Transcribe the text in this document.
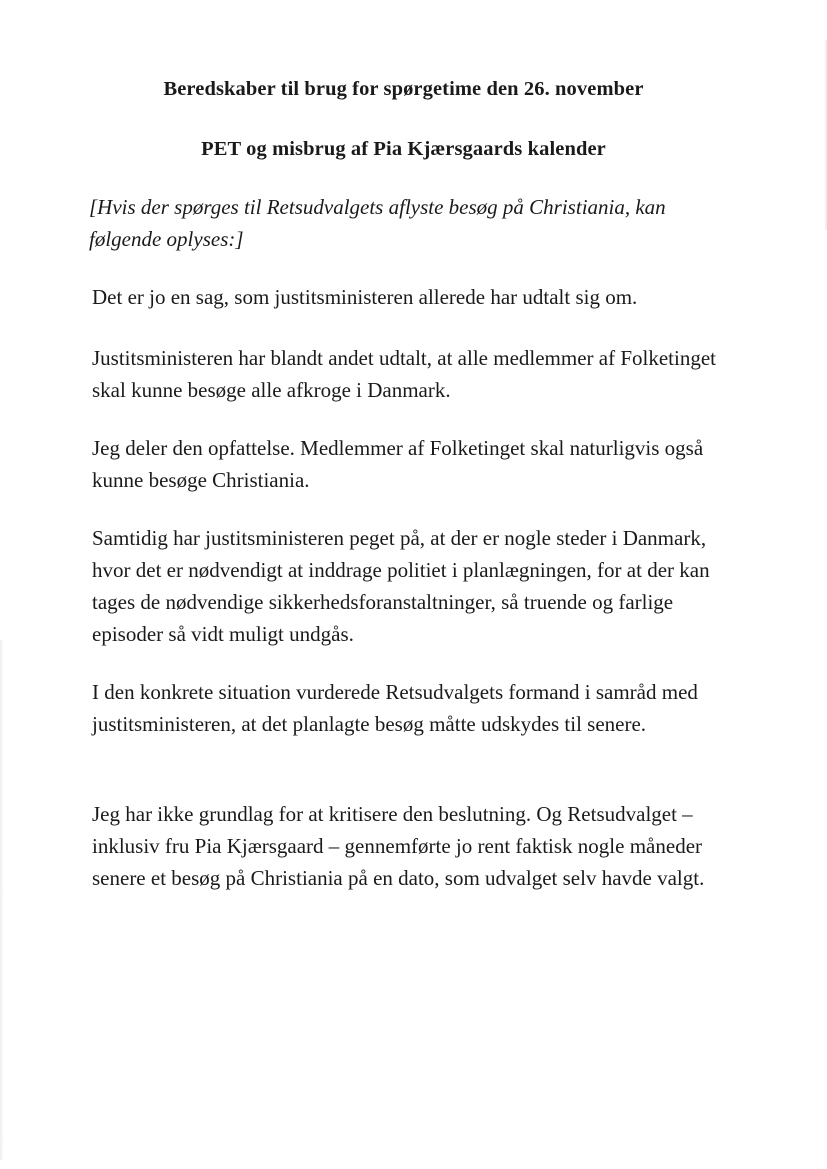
Beredskaber til brug for spørgetime den 26. november
PET og misbrug af Pia Kjærsgaards kalender

[Hvis der spørges til Retsudvalgets aflyste besøg på Christiania, kan følgende oplyses:]

Det er jo en sag, som justitsministeren allerede har udtalt sig om.

Justitsministeren har blandt andet udtalt, at alle medlemmer af Folketinget skal kunne besøge alle afkroge i Danmark.

Jeg deler den opfattelse. Medlemmer af Folketinget skal naturligvis også kunne besøge Christiania.

Samtidig har justitsministeren peget på, at der er nogle steder i Danmark, hvor det er nødvendigt at inddrage politiet i planlægningen, for at der kan tages de nødvendige sikkerhedsforanstaltninger, så truende og farlige episoder så vidt muligt undgås.

I den konkrete situation vurderede Retsudvalgets formand i samråd med justitsministeren, at det planlagte besøg måtte udskydes til senere.

Jeg har ikke grundlag for at kritisere den beslutning. Og Retsudvalget – inklusiv fru Pia Kjærsgaard – gennemførte jo rent faktisk nogle måneder senere et besøg på Christiania på en dato, som udvalget selv havde valgt.
